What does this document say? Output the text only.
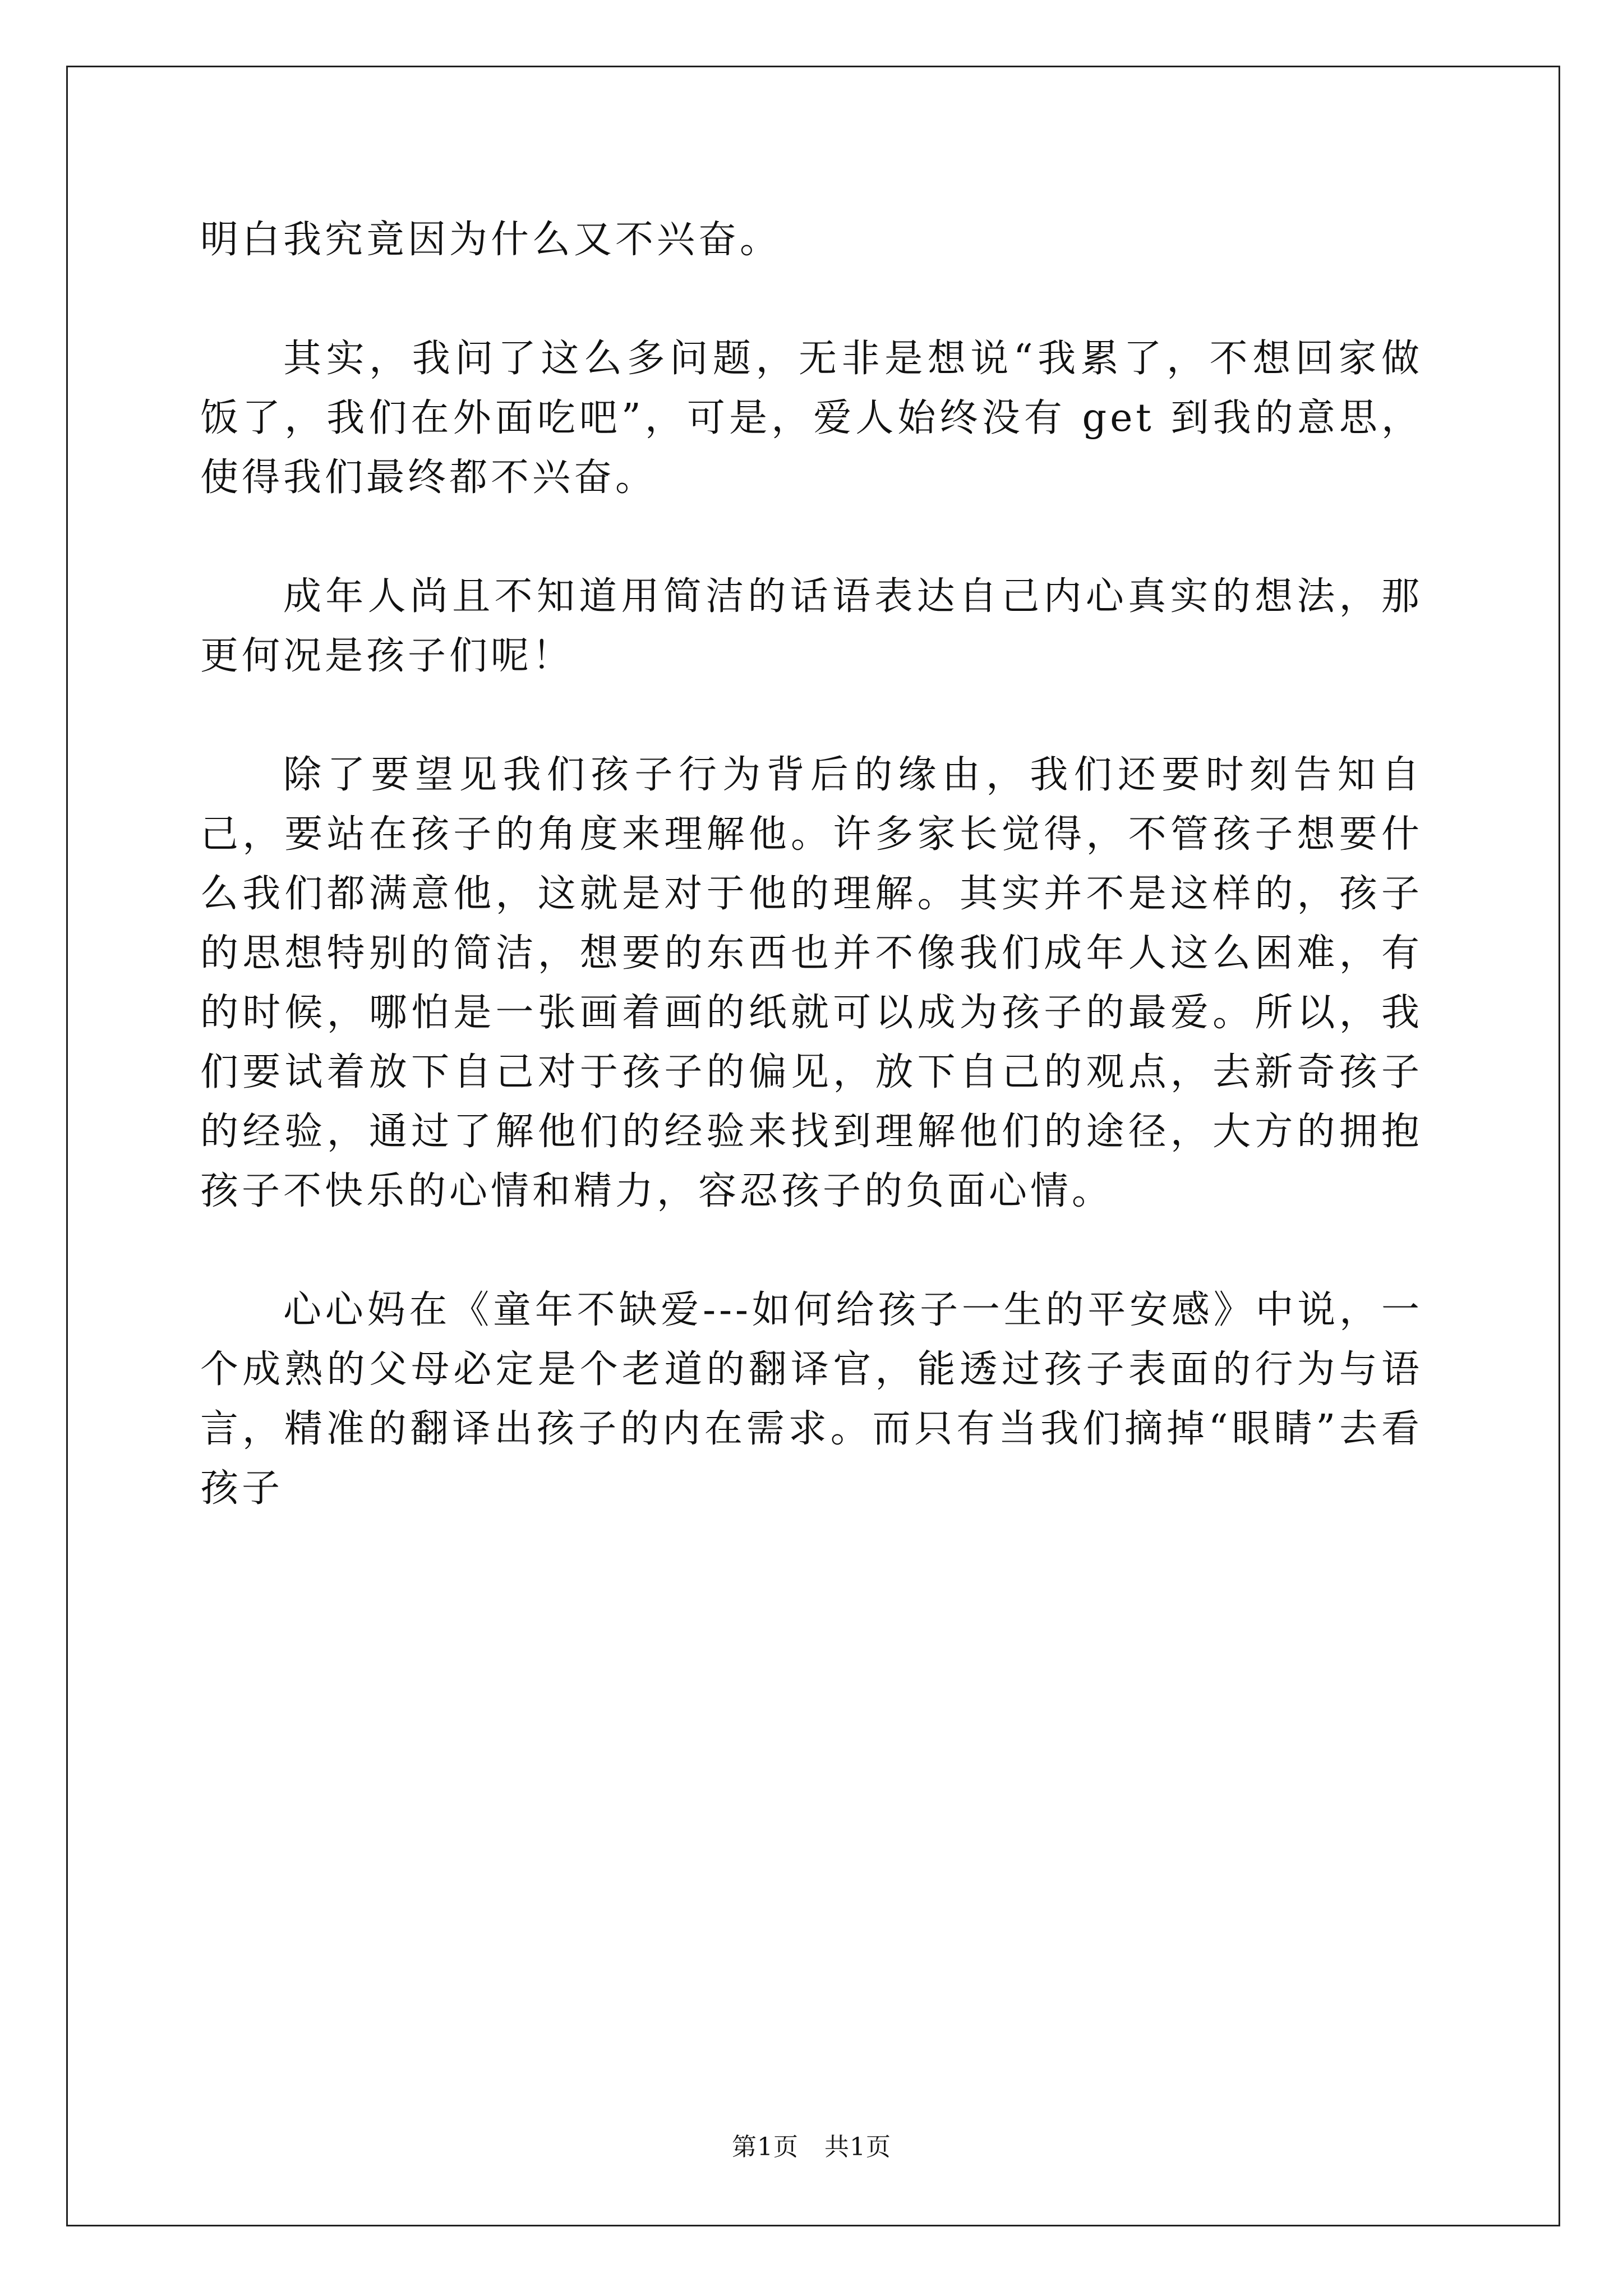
明白我究竟因为什么又不兴奋。

其实，我问了这么多问题，无非是想说“我累了，不想回家做饭了，我们在外面吃吧”，可是，爱人始终没有 get 到我的意思，使得我们最终都不兴奋。

成年人尚且不知道用简洁的话语表达自己内心真实的想法，那更何况是孩子们呢！

除了要望见我们孩子行为背后的缘由，我们还要时刻告知自己，要站在孩子的角度来理解他。许多家长觉得，不管孩子想要什么我们都满意他，这就是对于他的理解。其实并不是这样的，孩子的思想特别的简洁，想要的东西也并不像我们成年人这么困难，有的时候，哪怕是一张画着画的纸就可以成为孩子的最爱。所以，我们要试着放下自己对于孩子的偏见，放下自己的观点，去新奇孩子的经验，通过了解他们的经验来找到理解他们的途径，大方的拥抱孩子不快乐的心情和精力，容忍孩子的负面心情。

心心妈在《童年不缺爱---如何给孩子一生的平安感》中说，一个成熟的父母必定是个老道的翻译官，能透过孩子表面的行为与语言，精准的翻译出孩子的内在需求。而只有当我们摘掉“眼睛”去看孩子

第1页 共1页
